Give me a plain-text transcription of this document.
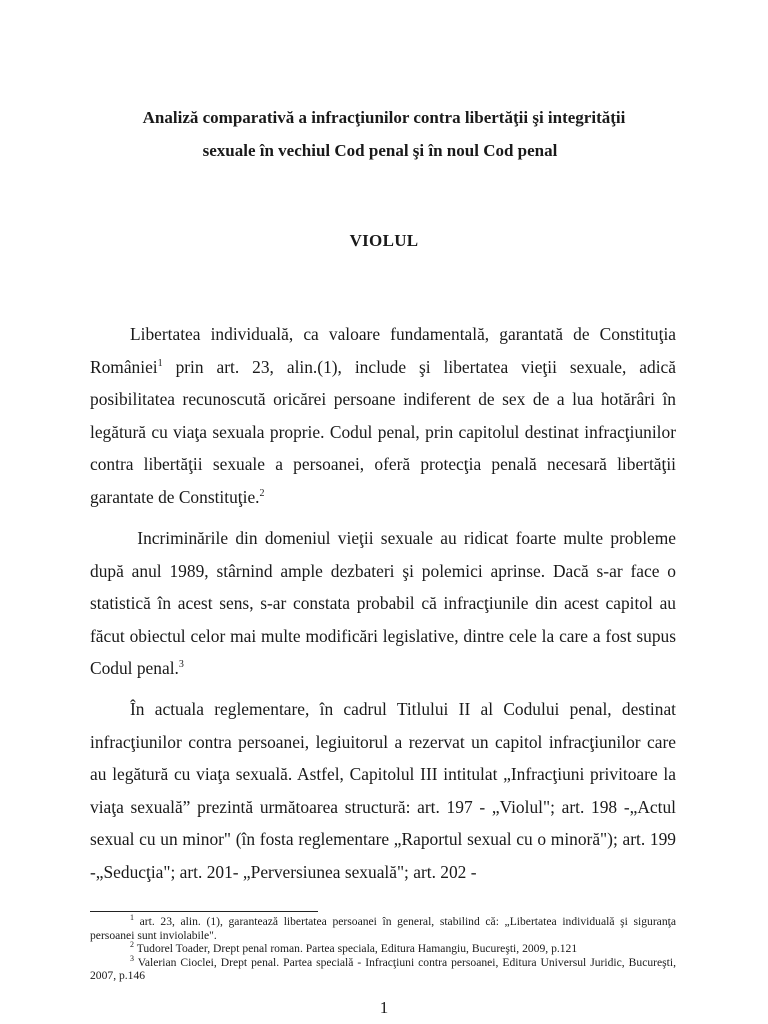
Analiză comparativă a infracţiunilor contra libertăţii şi integrităţii
sexuale în vechiul Cod penal şi în noul Cod penal
VIOLUL

Libertatea individuală, ca valoare fundamentală, garantată de Constituţia României$^1$ prin art. 23, alin.(1), include şi libertatea vieţii sexuale, adică posibilitatea recunoscută oricărei persoane indiferent de sex de a lua hotărâri în legătură cu viaţa sexuala proprie. Codul penal, prin capitolul destinat infracţiunilor contra libertăţii sexuale a persoanei, oferă protecţia penală necesară libertăţii garantate de Constituţie.$^2$

Incriminările din domeniul vieţii sexuale au ridicat foarte multe probleme după anul 1989, stârnind ample dezbateri şi polemici aprinse. Dacă s-ar face o statistică în acest sens, s-ar constata probabil că infracţiunile din acest capitol au făcut obiectul celor mai multe modificări legislative, dintre cele la care a fost supus Codul penal.$^3$

În actuala reglementare, în cadrul Titlului II al Codului penal, destinat infracţiunilor contra persoanei, legiuitorul a rezervat un capitol infracţiunilor care au legătură cu viaţa sexuală. Astfel, Capitolul III intitulat „Infracţiuni privitoare la viaţa sexuală” prezintă următoarea structură: art. 197 - „Violul"; art. 198 -„Actul sexual cu un minor" (în fosta reglementare „Raportul sexual cu o minoră"); art. 199 -„Seducţia"; art. 201- „Perversiunea sexuală"; art. 202 -

$^1$ art. 23, alin. (1), garantează libertatea persoanei în general, stabilind că: „Libertatea individuală şi siguranţa persoanei sunt inviolabile".

$^2$ Tudorel Toader, Drept penal roman. Partea speciala, Editura Hamangiu, Bucureşti, 2009, p.121

$^3$ Valerian Cioclei, Drept penal. Partea specială - Infracţiuni contra persoanei, Editura Universul Juridic, Bucureşti, 2007, p.146

1
